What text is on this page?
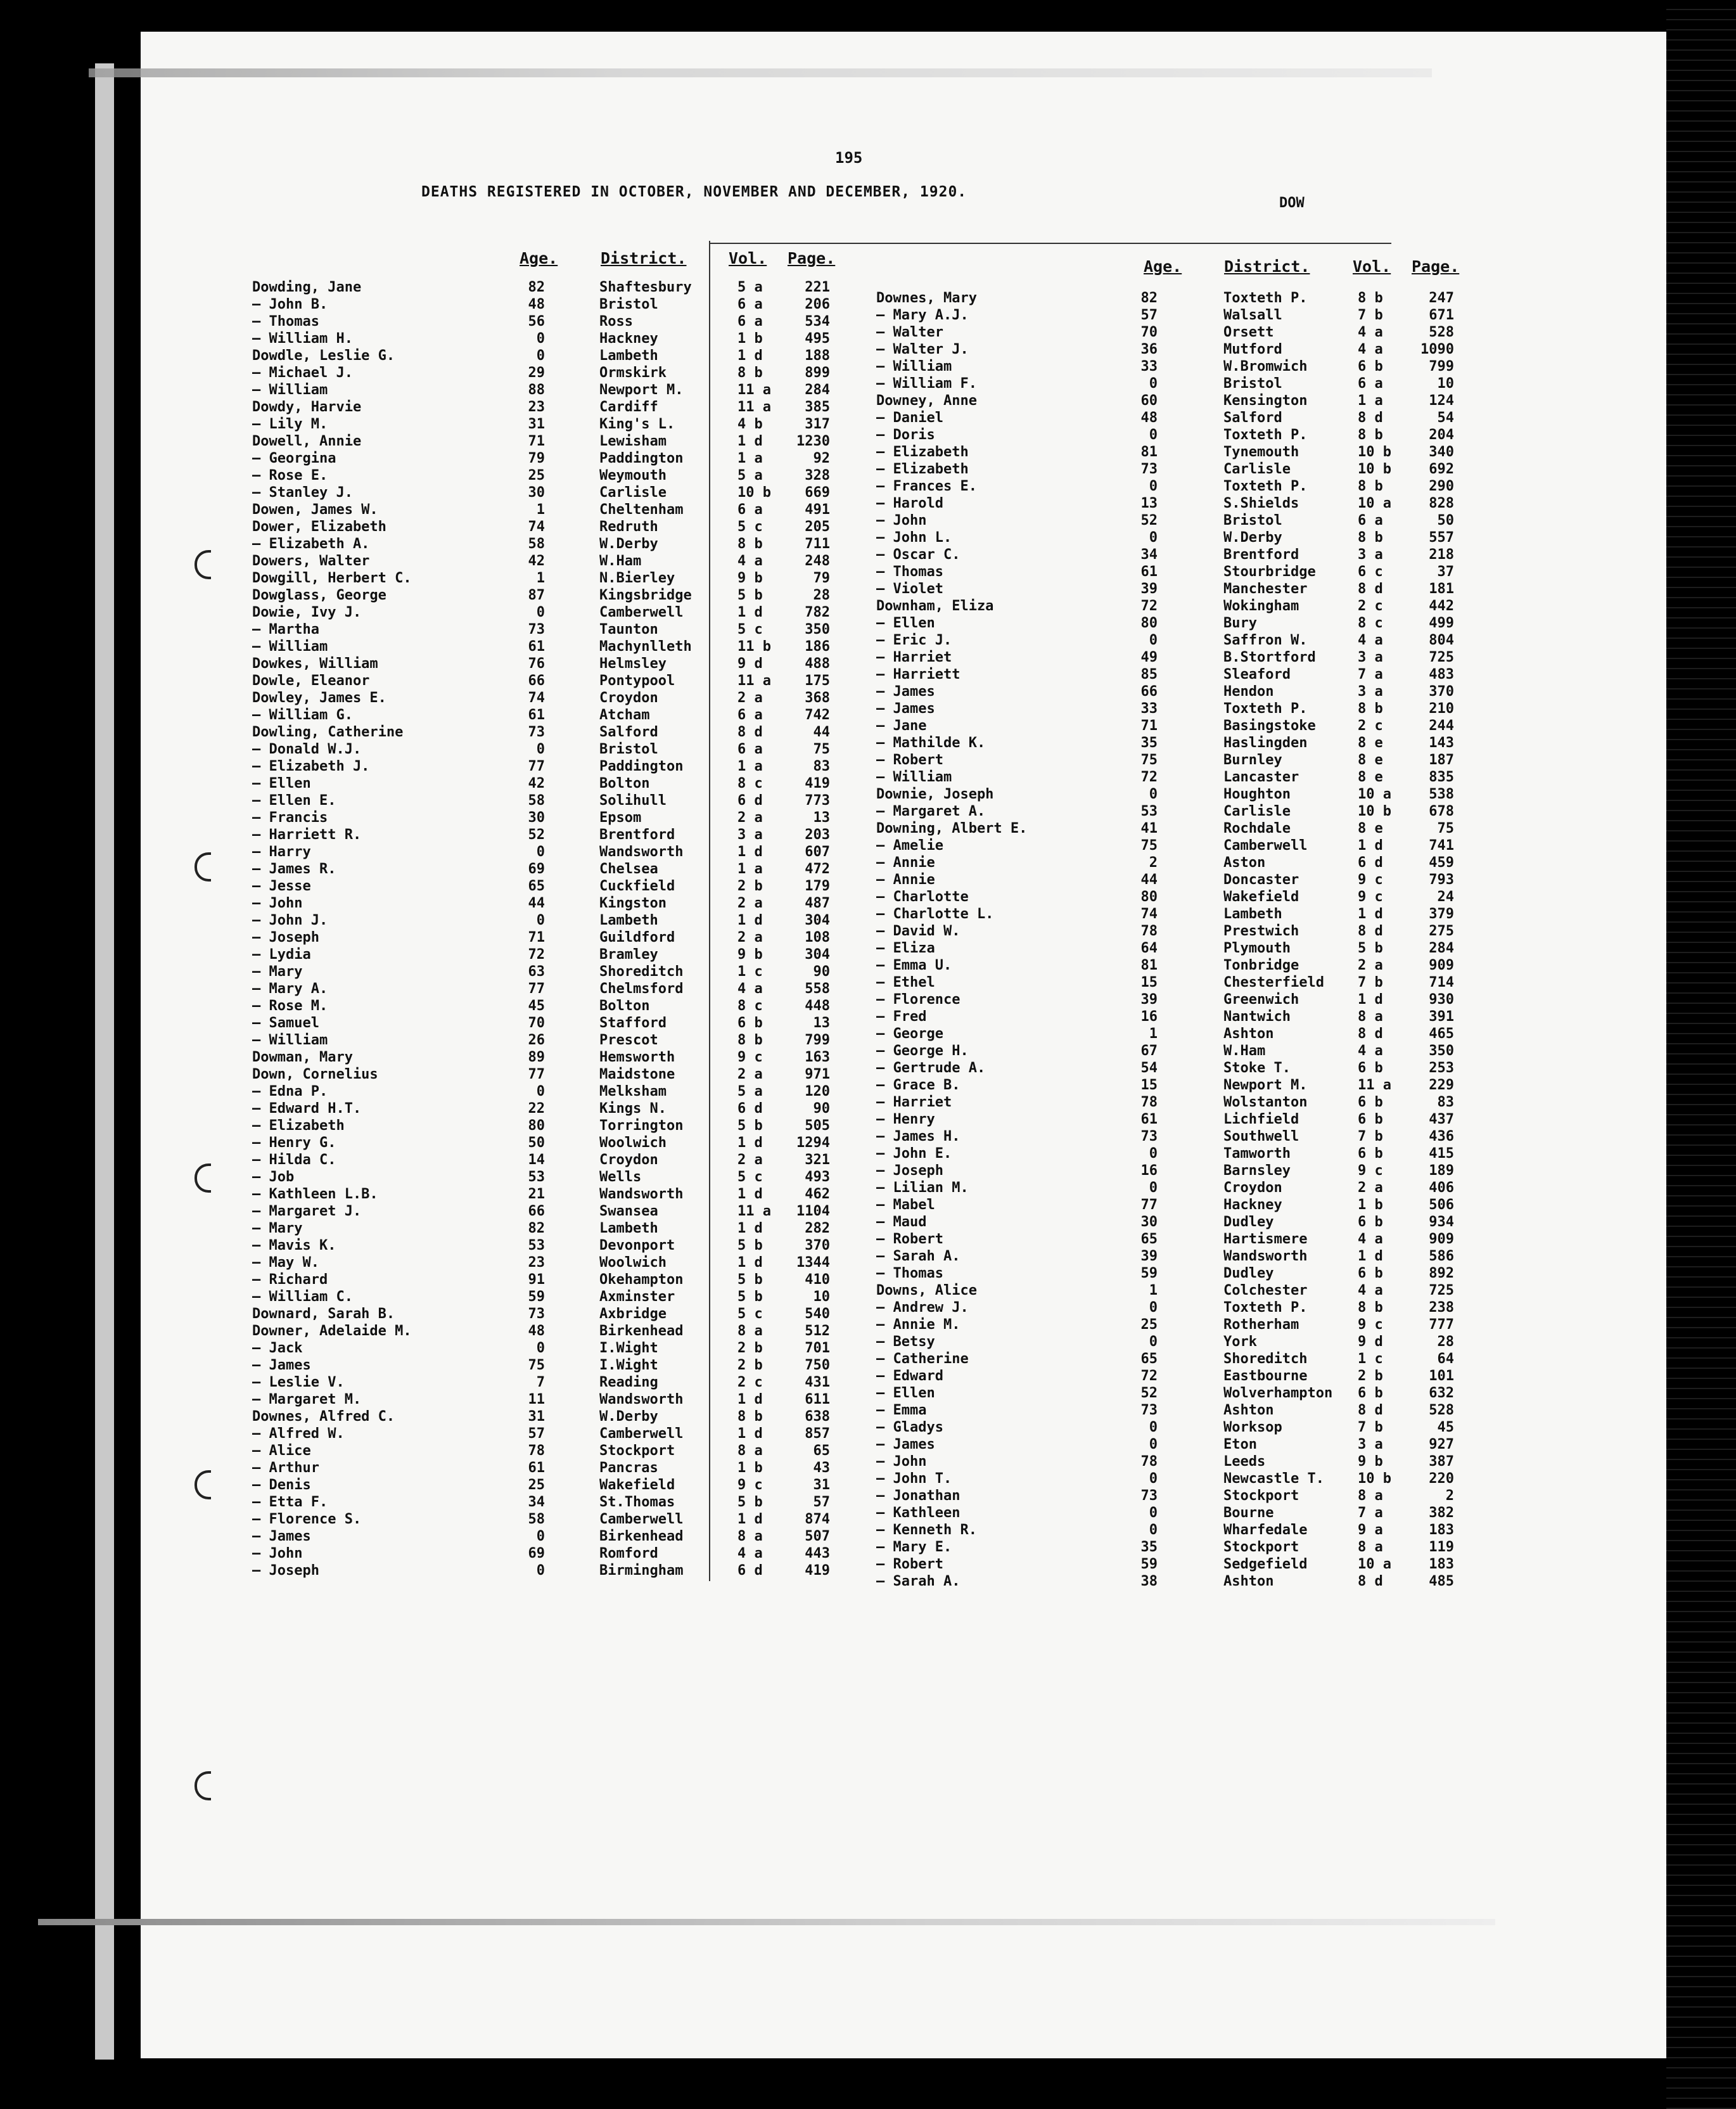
195
DEATHS REGISTERED IN OCTOBER, NOVEMBER AND DECEMBER, 1920.
DOW
Age.	District.	Vol. Page.	Age.	District.	Vol. Page.
Dowding, Jane	82	Shaftesbury	5 a	221
— John B.	48	Bristol	6 a	206
— Thomas	56	Ross	6 a	534
— William H.	0	Hackney	1 b	495
Dowdle, Leslie G.	0	Lambeth	1 d	188
— Michael J.	29	Ormskirk	8 b	899
— William	88	Newport M.	11 a	284
Dowdy, Harvie	23	Cardiff	11 a	385
— Lily M.	31	King's L.	4 b	317
Dowell, Annie	71	Lewisham	1 d	1230
— Georgina	79	Paddington	1 a	92
— Rose E.	25	Weymouth	5 a	328
— Stanley J.	30	Carlisle	10 b	669
Dowen, James W.	1	Cheltenham	6 a	491
Dower, Elizabeth	74	Redruth	5 c	205
— Elizabeth A.	58	W.Derby	8 b	711
Dowers, Walter	42	W.Ham	4 a	248
Dowgill, Herbert C.	1	N.Bierley	9 b	79
Dowglass, George	87	Kingsbridge	5 b	28
Dowie, Ivy J.	0	Camberwell	1 d	782
— Martha	73	Taunton	5 c	350
— William	61	Machynlleth	11 b	186
Dowkes, William	76	Helmsley	9 d	488
Dowle, Eleanor	66	Pontypool	11 a	175
Dowley, James E.	74	Croydon	2 a	368
— William G.	61	Atcham	6 a	742
Dowling, Catherine	73	Salford	8 d	44
— Donald W.J.	0	Bristol	6 a	75
— Elizabeth J.	77	Paddington	1 a	83
— Ellen	42	Bolton	8 c	419
— Ellen E.	58	Solihull	6 d	773
— Francis	30	Epsom	2 a	13
— Harriett R.	52	Brentford	3 a	203
— Harry	0	Wandsworth	1 d	607
— James R.	69	Chelsea	1 a	472
— Jesse	65	Cuckfield	2 b	179
— John	44	Kingston	2 a	487
— John J.	0	Lambeth	1 d	304
— Joseph	71	Guildford	2 a	108
— Lydia	72	Bramley	9 b	304
— Mary	63	Shoreditch	1 c	90
— Mary A.	77	Chelmsford	4 a	558
— Rose M.	45	Bolton	8 c	448
— Samuel	70	Stafford	6 b	13
— William	26	Prescot	8 b	799
Dowman, Mary	89	Hemsworth	9 c	163
Down, Cornelius	77	Maidstone	2 a	971
— Edna P.	0	Melksham	5 a	120
— Edward H.T.	22	Kings N.	6 d	90
— Elizabeth	80	Torrington	5 b	505
— Henry G.	50	Woolwich	1 d	1294
— Hilda C.	14	Croydon	2 a	321
— Job	53	Wells	5 c	493
— Kathleen L.B.	21	Wandsworth	1 d	462
— Margaret J.	66	Swansea	11 a	1104
— Mary	82	Lambeth	1 d	282
— Mavis K.	53	Devonport	5 b	370
— May W.	23	Woolwich	1 d	1344
— Richard	91	Okehampton	5 b	410
— William C.	59	Axminster	5 b	10
Downard, Sarah B.	73	Axbridge	5 c	540
Downer, Adelaide M.	48	Birkenhead	8 a	512
— Jack	0	I.Wight	2 b	701
— James	75	I.Wight	2 b	750
— Leslie V.	7	Reading	2 c	431
— Margaret M.	11	Wandsworth	1 d	611
Downes, Alfred C.	31	W.Derby	8 b	638
— Alfred W.	57	Camberwell	1 d	857
— Alice	78	Stockport	8 a	65
— Arthur	61	Pancras	1 b	43
— Denis	25	Wakefield	9 c	31
— Etta F.	34	St.Thomas	5 b	57
— Florence S.	58	Camberwell	1 d	874
— James	0	Birkenhead	8 a	507
— John	69	Romford	4 a	443
— Joseph	0	Birmingham	6 d	419
Downes, Mary	82	Toxteth P.	8 b	247
— Mary A.J.	57	Walsall	7 b	671
— Walter	70	Orsett	4 a	528
— Walter J.	36	Mutford	4 a	1090
— William	33	W.Bromwich	6 b	799
— William F.	0	Bristol	6 a	10
Downey, Anne	60	Kensington	1 a	124
— Daniel	48	Salford	8 d	54
— Doris	0	Toxteth P.	8 b	204
— Elizabeth	81	Tynemouth	10 b	340
— Elizabeth	73	Carlisle	10 b	692
— Frances E.	0	Toxteth P.	8 b	290
— Harold	13	S.Shields	10 a	828
— John	52	Bristol	6 a	50
— John L.	0	W.Derby	8 b	557
— Oscar C.	34	Brentford	3 a	218
— Thomas	61	Stourbridge	6 c	37
— Violet	39	Manchester	8 d	181
Downham, Eliza	72	Wokingham	2 c	442
— Ellen	80	Bury	8 c	499
— Eric J.	0	Saffron W.	4 a	804
— Harriet	49	B.Stortford	3 a	725
— Harriett	85	Sleaford	7 a	483
— James	66	Hendon	3 a	370
— James	33	Toxteth P.	8 b	210
— Jane	71	Basingstoke	2 c	244
— Mathilde K.	35	Haslingden	8 e	143
— Robert	75	Burnley	8 e	187
— William	72	Lancaster	8 e	835
Downie, Joseph	0	Houghton	10 a	538
— Margaret A.	53	Carlisle	10 b	678
Downing, Albert E.	41	Rochdale	8 e	75
— Amelie	75	Camberwell	1 d	741
— Annie	2	Aston	6 d	459
— Annie	44	Doncaster	9 c	793
— Charlotte	80	Wakefield	9 c	24
— Charlotte L.	74	Lambeth	1 d	379
— David W.	78	Prestwich	8 d	275
— Eliza	64	Plymouth	5 b	284
— Emma U.	81	Tonbridge	2 a	909
— Ethel	15	Chesterfield 7 b	714
— Florence	39	Greenwich	1 d	930
— Fred	16	Nantwich	8 a	391
— George	1	Ashton	8 d	465
— George H.	67	W.Ham	4 a	350
— Gertrude A.	54	Stoke T.	6 b	253
— Grace B.	15	Newport M.	11 a	229
— Harriet	78	Wolstanton	6 b	83
— Henry	61	Lichfield	6 b	437
— James H.	73	Southwell	7 b	436
— John E.	0	Tamworth	6 b	415
— Joseph	16	Barnsley	9 c	189
— Lilian M.	0	Croydon	2 a	406
— Mabel	77	Hackney	1 b	506
— Maud	30	Dudley	6 b	934
— Robert	65	Hartismere	4 a	909
— Sarah A.	39	Wandsworth	1 d	586
— Thomas	59	Dudley	6 b	892
Downs, Alice	1	Colchester	4 a	725
— Andrew J.	0	Toxteth P.	8 b	238
— Annie M.	25	Rotherham	9 c	777
— Betsy	0	York	9 d	28
— Catherine	65	Shoreditch	1 c	64
— Edward	72	Eastbourne	2 b	101
— Ellen	52	Wolverhampton 6 b	632
— Emma	73	Ashton	8 d	528
— Gladys	0	Worksop	7 b	45
— James	0	Eton	3 a	927
— John	78	Leeds	9 b	387
— John T.	0	Newcastle T. 10 b	220
— Jonathan	73	Stockport	8 a	2
— Kathleen	0	Bourne	7 a	382
— Kenneth R.	0	Wharfedale	9 a	183
— Mary E.	35	Stockport	8 a	119
— Robert	59	Sedgefield	10 a	183
— Sarah A.	38	Ashton	8 d	485
